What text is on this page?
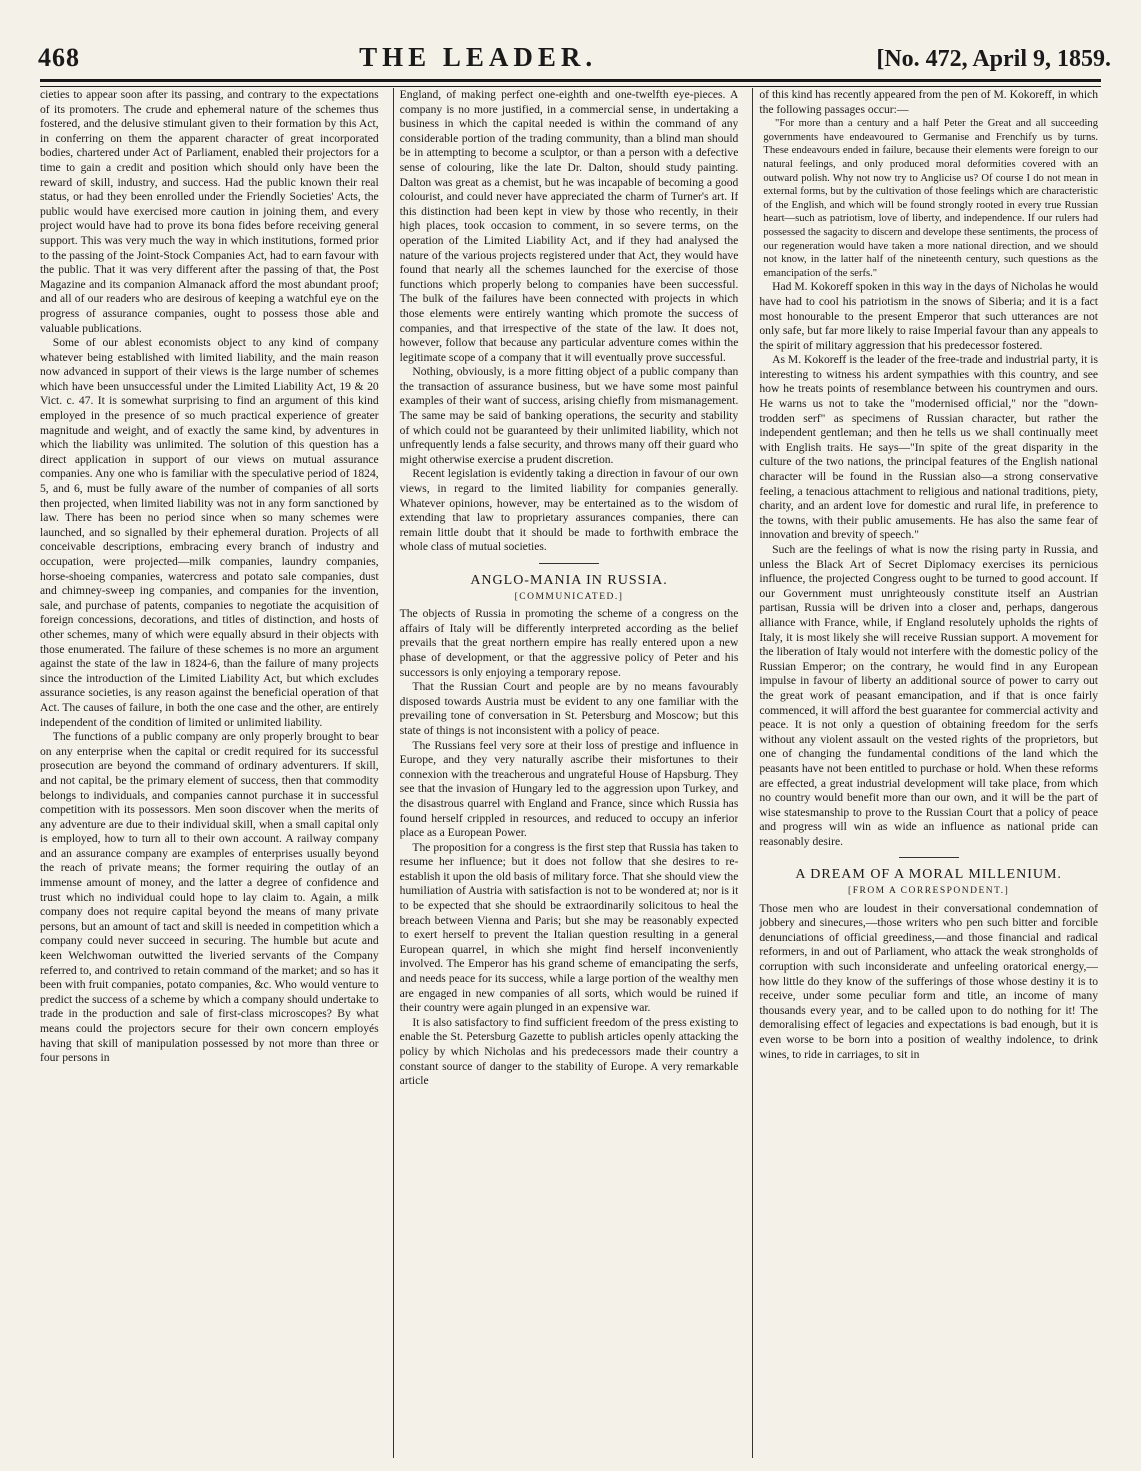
468	THE LEADER.	[No. 472, April 9, 1859.

cieties to appear soon after its passing, and contrary to the expectations of its promoters. The crude and ephemeral nature of the schemes thus fostered, and the delusive stimulant given to their formation by this Act, in conferring on them the apparent character of great incorporated bodies, chartered under Act of Parliament, enabled their projectors for a time to gain a credit and position which should only have been the reward of skill, industry, and success. Had the public known their real status, or had they been enrolled under the Friendly Societies' Acts, the public would have exercised more caution in joining them, and every project would have had to prove its bona fides before receiving general support. This was very much the way in which institutions, formed prior to the passing of the Joint-Stock Companies Act, had to earn favour with the public. That it was very different after the passing of that, the Post Magazine and its companion Almanack afford the most abundant proof; and all of our readers who are desirous of keeping a watchful eye on the progress of assurance companies, ought to possess those able and valuable publications.

Some of our ablest economists object to any kind of company whatever being established with limited liability, and the main reason now advanced in support of their views is the large number of schemes which have been unsuccessful under the Limited Liability Act, 19 & 20 Vict. c. 47. It is somewhat surprising to find an argument of this kind employed in the presence of so much practical experience of greater magnitude and weight, and of exactly the same kind, by adventures in which the liability was unlimited. The solution of this question has a direct application in support of our views on mutual assurance companies. Any one who is familiar with the speculative period of 1824, 5, and 6, must be fully aware of the number of companies of all sorts then projected, when limited liability was not in any form sanctioned by law. There has been no period since when so many schemes were launched, and so signalled by their ephemeral duration. Projects of all conceivable descriptions, embracing every branch of industry and occupation, were projected—milk companies, laundry companies, horse-shoeing companies, watercress and potato sale companies, dust and chimney-sweep ing companies, and companies for the invention, sale, and purchase of patents, companies to negotiate the acquisition of foreign concessions, decorations, and titles of distinction, and hosts of other schemes, many of which were equally absurd in their objects with those enumerated. The failure of these schemes is no more an argument against the state of the law in 1824-6, than the failure of many projects since the introduction of the Limited Liability Act, but which excludes assurance societies, is any reason against the beneficial operation of that Act. The causes of failure, in both the one case and the other, are entirely independent of the condition of limited or unlimited liability.

The functions of a public company are only properly brought to bear on any enterprise when the capital or credit required for its successful prosecution are beyond the command of ordinary adventurers. If skill, and not capital, be the primary element of success, then that commodity belongs to individuals, and companies cannot purchase it in successful competition with its possessors. Men soon discover when the merits of any adventure are due to their individual skill, when a small capital only is employed, how to turn all to their own account. A railway company and an assurance company are examples of enterprises usually beyond the reach of private means; the former requiring the outlay of an immense amount of money, and the latter a degree of confidence and trust which no individual could hope to lay claim to. Again, a milk company does not require capital beyond the means of many private persons, but an amount of tact and skill is needed in competition which a company could never succeed in securing. The humble but acute and keen Welchwoman outwitted the liveried servants of the Company referred to, and contrived to retain command of the market; and so has it been with fruit companies, potato companies, &c. Who would venture to predict the success of a scheme by which a company should undertake to trade in the production and sale of first-class microscopes? By what means could the projectors secure for their own concern employés having that skill of manipulation possessed by not more than three or four persons in

England, of making perfect one-eighth and one-twelfth eye-pieces. A company is no more justified, in a commercial sense, in undertaking a business in which the capital needed is within the command of any considerable portion of the trading community, than a blind man should be in attempting to become a sculptor, or than a person with a defective sense of colouring, like the late Dr. Dalton, should study painting. Dalton was great as a chemist, but he was incapable of becoming a good colourist, and could never have appreciated the charm of Turner's art. If this distinction had been kept in view by those who recently, in their high places, took occasion to comment, in so severe terms, on the operation of the Limited Liability Act, and if they had analysed the nature of the various projects registered under that Act, they would have found that nearly all the schemes launched for the exercise of those functions which properly belong to companies have been successful. The bulk of the failures have been connected with projects in which those elements were entirely wanting which promote the success of companies, and that irrespective of the state of the law. It does not, however, follow that because any particular adventure comes within the legitimate scope of a company that it will eventually prove successful.

Nothing, obviously, is a more fitting object of a public company than the transaction of assurance business, but we have some most painful examples of their want of success, arising chiefly from mismanagement. The same may be said of banking operations, the security and stability of which could not be guaranteed by their unlimited liability, which not unfrequently lends a false security, and throws many off their guard who might otherwise exercise a prudent discretion.

Recent legislation is evidently taking a direction in favour of our own views, in regard to the limited liability for companies generally. Whatever opinions, however, may be entertained as to the wisdom of extending that law to proprietary assurances companies, there can remain little doubt that it should be made to forthwith embrace the whole class of mutual societies.

ANGLO-MANIA IN RUSSIA.
[COMMUNICATED.]

The objects of Russia in promoting the scheme of a congress on the affairs of Italy will be differently interpreted according as the belief prevails that the great northern empire has really entered upon a new phase of development, or that the aggressive policy of Peter and his successors is only enjoying a temporary repose.

That the Russian Court and people are by no means favourably disposed towards Austria must be evident to any one familiar with the prevailing tone of conversation in St. Petersburg and Moscow; but this state of things is not inconsistent with a policy of peace.

The Russians feel very sore at their loss of prestige and influence in Europe, and they very naturally ascribe their misfortunes to their connexion with the treacherous and ungrateful House of Hapsburg. They see that the invasion of Hungary led to the aggression upon Turkey, and the disastrous quarrel with England and France, since which Russia has found herself crippled in resources, and reduced to occupy an inferior place as a European Power.

The proposition for a congress is the first step that Russia has taken to resume her influence; but it does not follow that she desires to re-establish it upon the old basis of military force. That she should view the humiliation of Austria with satisfaction is not to be wondered at; nor is it to be expected that she should be extraordinarily solicitous to heal the breach between Vienna and Paris; but she may be reasonably expected to exert herself to prevent the Italian question resulting in a general European quarrel, in which she might find herself inconveniently involved. The Emperor has his grand scheme of emancipating the serfs, and needs peace for its success, while a large portion of the wealthy men are engaged in new companies of all sorts, which would be ruined if their country were again plunged in an expensive war.

It is also satisfactory to find sufficient freedom of the press existing to enable the St. Petersburg Gazette to publish articles openly attacking the policy by which Nicholas and his predecessors made their country a constant source of danger to the stability of Europe. A very remarkable article

of this kind has recently appeared from the pen of M. Kokoreff, in which the following passages occur:—

"For more than a century and a half Peter the Great and all succeeding governments have endeavoured to Germanise and Frenchify us by turns. These endeavours ended in failure, because their elements were foreign to our natural feelings, and only produced moral deformities covered with an outward polish. Why not now try to Anglicise us? Of course I do not mean in external forms, but by the cultivation of those feelings which are characteristic of the English, and which will be found strongly rooted in every true Russian heart—such as patriotism, love of liberty, and independence. If our rulers had possessed the sagacity to discern and develope these sentiments, the process of our regeneration would have taken a more national direction, and we should not know, in the latter half of the nineteenth century, such questions as the emancipation of the serfs."

Had M. Kokoreff spoken in this way in the days of Nicholas he would have had to cool his patriotism in the snows of Siberia; and it is a fact most honourable to the present Emperor that such utterances are not only safe, but far more likely to raise Imperial favour than any appeals to the spirit of military aggression that his predecessor fostered.

As M. Kokoreff is the leader of the free-trade and industrial party, it is interesting to witness his ardent sympathies with this country, and see how he treats points of resemblance between his countrymen and ours. He warns us not to take the "modernised official," nor the "down-trodden serf" as specimens of Russian character, but rather the independent gentleman; and then he tells us we shall continually meet with English traits. He says—"In spite of the great disparity in the culture of the two nations, the principal features of the English national character will be found in the Russian also—a strong conservative feeling, a tenacious attachment to religious and national traditions, piety, charity, and an ardent love for domestic and rural life, in preference to the towns, with their public amusements. He has also the same fear of innovation and brevity of speech."

Such are the feelings of what is now the rising party in Russia, and unless the Black Art of Secret Diplomacy exercises its pernicious influence, the projected Congress ought to be turned to good account. If our Government must unrighteously constitute itself an Austrian partisan, Russia will be driven into a closer and, perhaps, dangerous alliance with France, while, if England resolutely upholds the rights of Italy, it is most likely she will receive Russian support. A movement for the liberation of Italy would not interfere with the domestic policy of the Russian Emperor; on the contrary, he would find in any European impulse in favour of liberty an additional source of power to carry out the great work of peasant emancipation, and if that is once fairly commenced, it will afford the best guarantee for commercial activity and peace. It is not only a question of obtaining freedom for the serfs without any violent assault on the vested rights of the proprietors, but one of changing the fundamental conditions of the land which the peasants have not been entitled to purchase or hold. When these reforms are effected, a great industrial development will take place, from which no country would benefit more than our own, and it will be the part of wise statesmanship to prove to the Russian Court that a policy of peace and progress will win as wide an influence as national pride can reasonably desire.

A DREAM OF A MORAL MILLENIUM.
[FROM A CORRESPONDENT.]

Those men who are loudest in their conversational condemnation of jobbery and sinecures,—those writers who pen such bitter and forcible denunciations of official greediness,—and those financial and radical reformers, in and out of Parliament, who attack the weak strongholds of corruption with such inconsiderate and unfeeling oratorical energy,—how little do they know of the sufferings of those whose destiny it is to receive, under some peculiar form and title, an income of many thousands every year, and to be called upon to do nothing for it! The demoralising effect of legacies and expectations is bad enough, but it is even worse to be born into a position of wealthy indolence, to drink wines, to ride in carriages, to sit in
